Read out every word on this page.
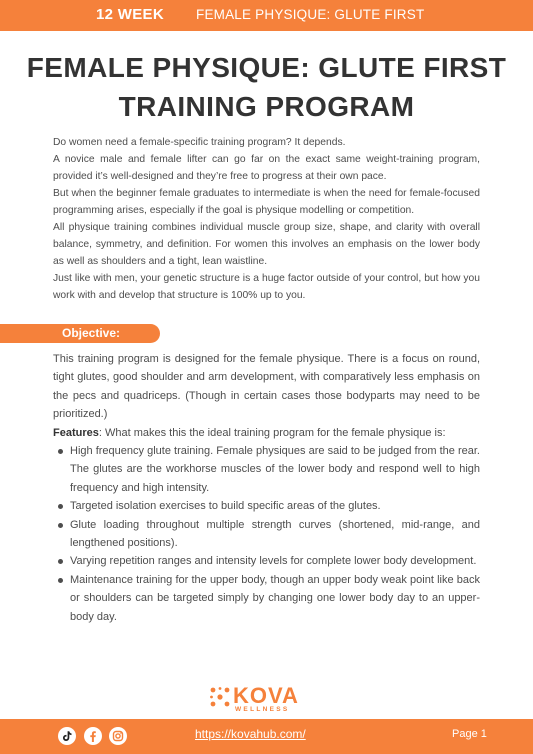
12 WEEK FEMALE PHYSIQUE: GLUTE FIRST
FEMALE PHYSIQUE: GLUTE FIRST
TRAINING PROGRAM

Do women need a female-specific training program? It depends.

A novice male and female lifter can go far on the exact same weight-training program, provided it’s well-designed and they’re free to progress at their own pace.

But when the beginner female graduates to intermediate is when the need for female-focused programming arises, especially if the goal is physique modelling or competition.

All physique training combines individual muscle group size, shape, and clarity with overall balance, symmetry, and definition. For women this involves an emphasis on the lower body as well as shoulders and a tight, lean waistline.

Just like with men, your genetic structure is a huge factor outside of your control, but how you work with and develop that structure is 100% up to you.

Objective:

This training program is designed for the female physique. There is a focus on round, tight glutes, good shoulder and arm development, with comparatively less emphasis on the pecs and quadriceps. (Though in certain cases those bodyparts may need to be prioritized.)

Features: What makes this the ideal training program for the female physique is:

High frequency glute training. Female physiques are said to be judged from the rear. The glutes are the workhorse muscles of the lower body and respond well to high frequency and high intensity.
Targeted isolation exercises to build specific areas of the glutes.
Glute loading throughout multiple strength curves (shortened, mid-range, and lengthened positions).
Varying repetition ranges and intensity levels for complete lower body development.
Maintenance training for the upper body, though an upper body weak point like back or shoulders can be targeted simply by changing one lower body day to an upper-body day.
KOVA
WELLNESS
https://kovahub.com/	Page 1
